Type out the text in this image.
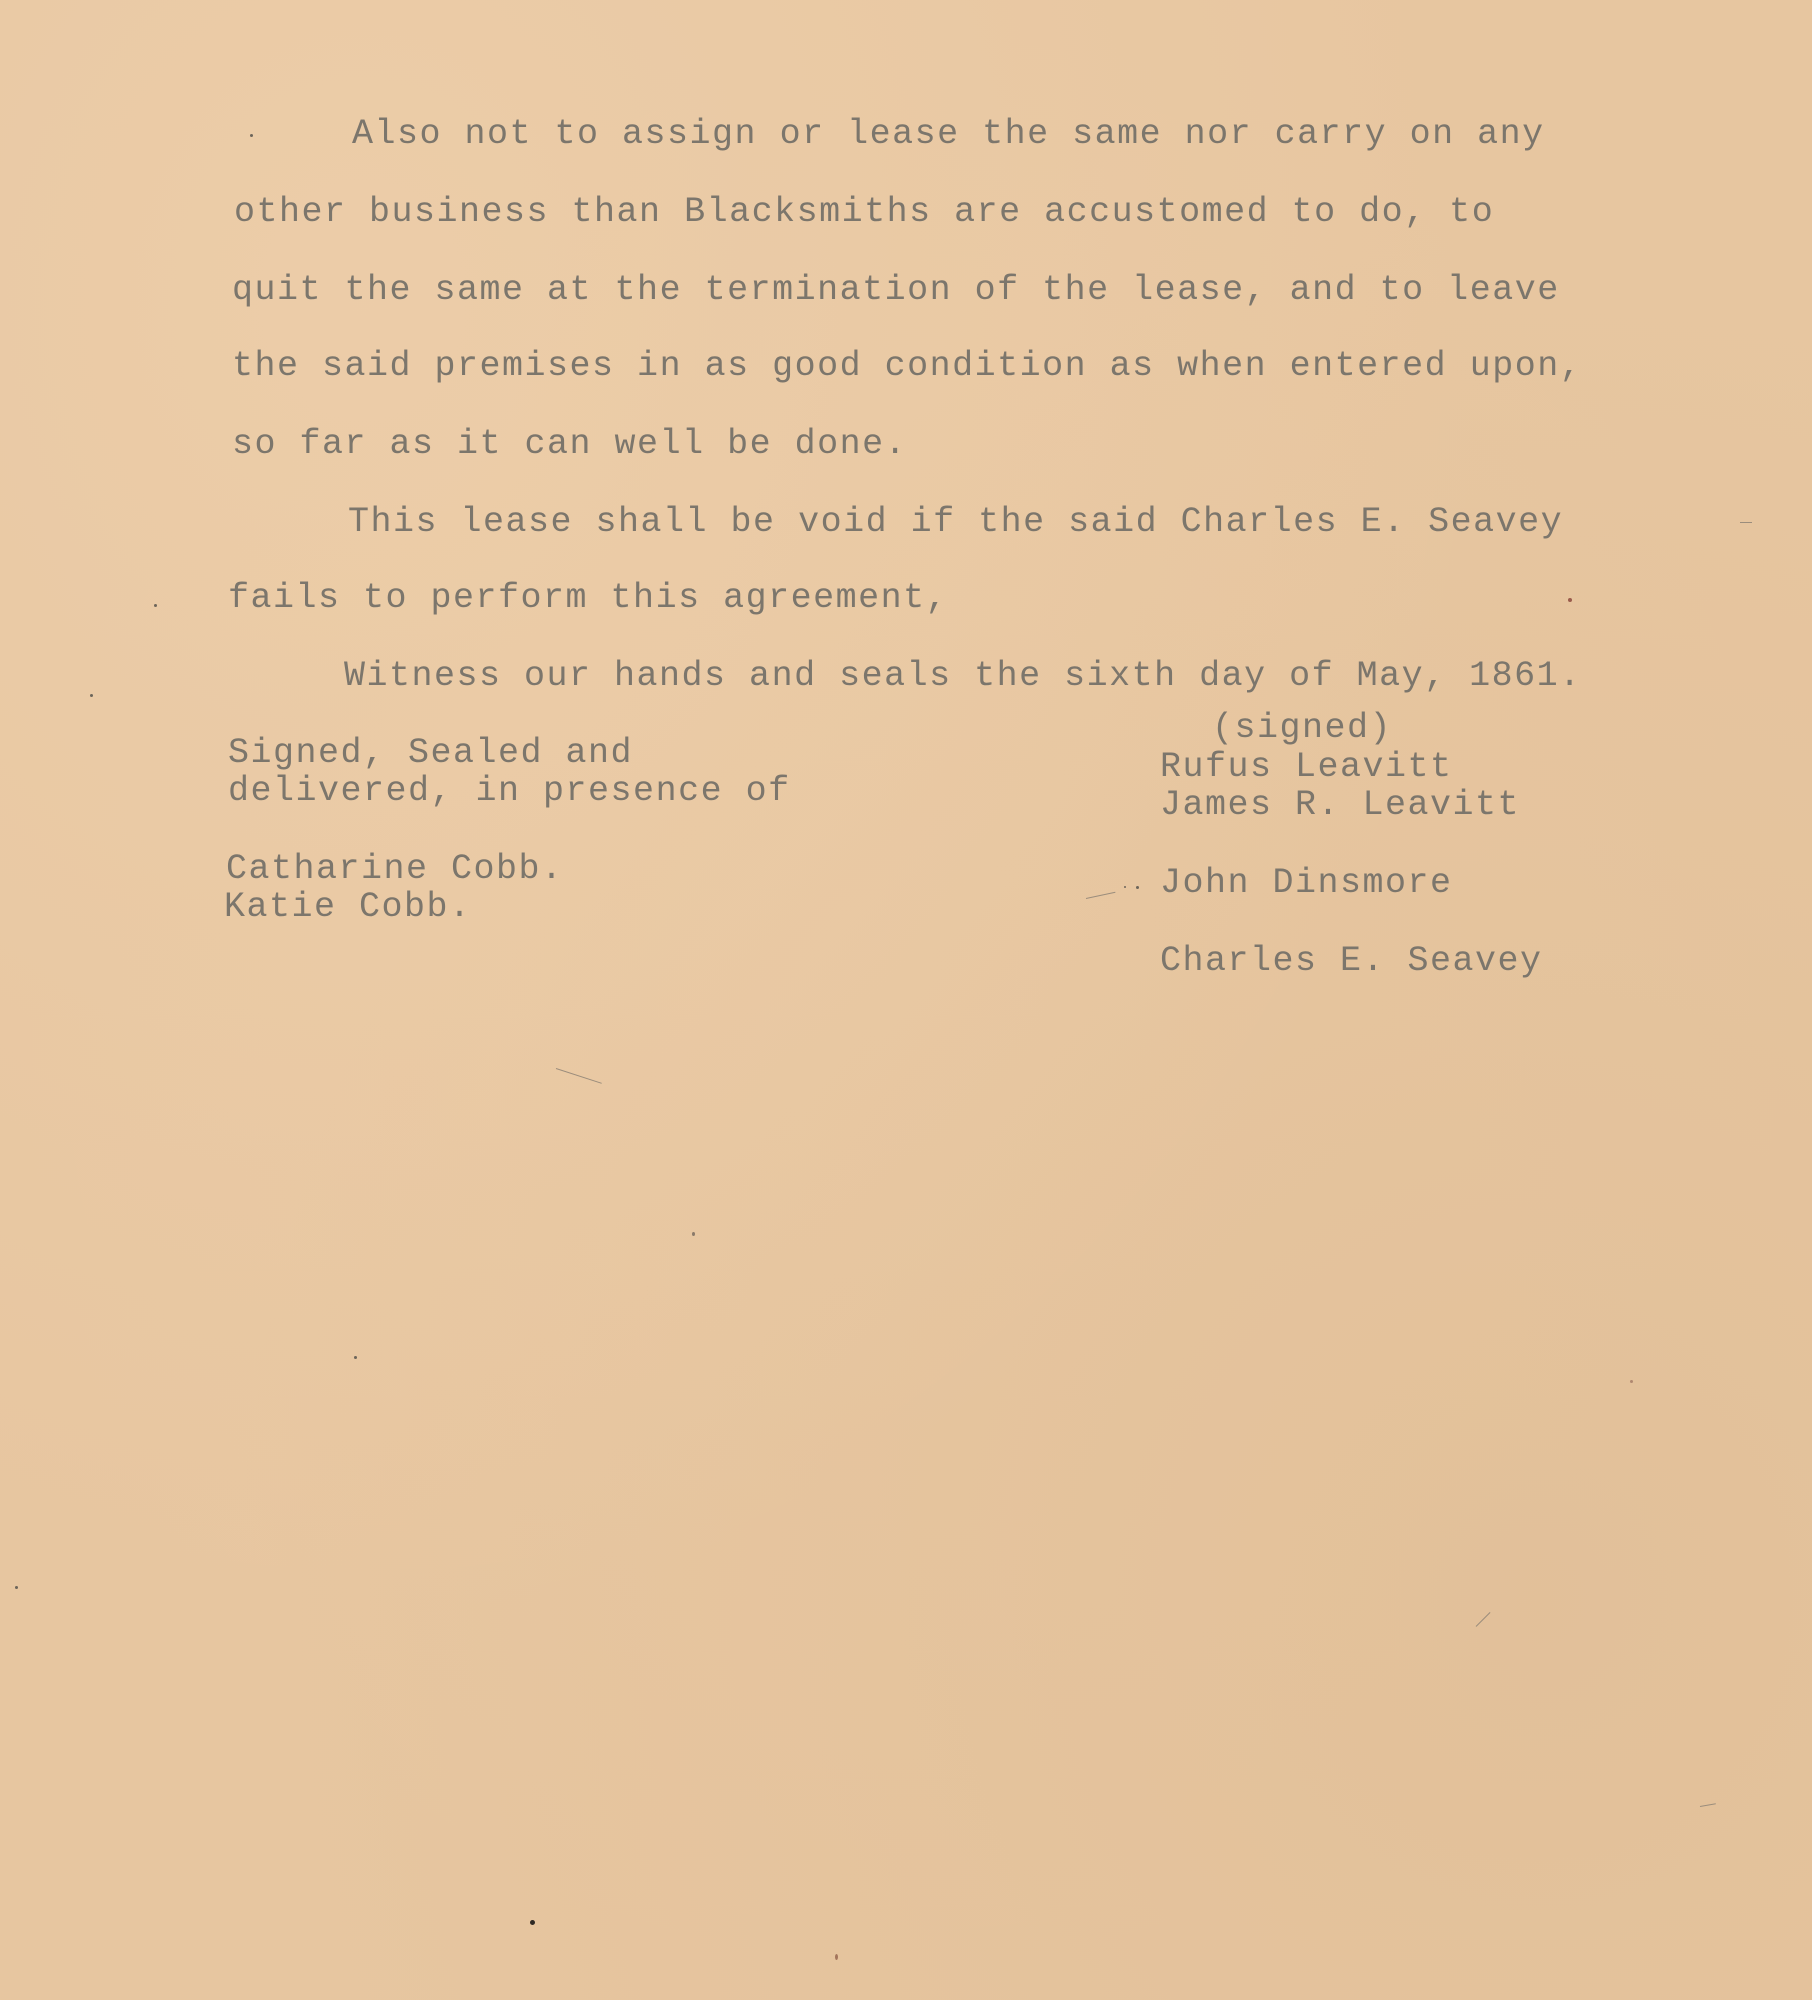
Also not to assign or lease the same nor carry on any
other business than Blacksmiths are accustomed to do, to
quit the same at the termination of the lease, and to leave
the said premises in as good condition as when entered upon,
so far as it can well be done.
This lease shall be void if the said Charles E. Seavey
fails to perform this agreement,
Witness our hands and seals the sixth day of May, 1861.
(signed)
Signed, Sealed and
delivered, in presence of
Catharine Cobb.
Katie Cobb.
Rufus Leavitt
James R. Leavitt
John Dinsmore
Charles E. Seavey
